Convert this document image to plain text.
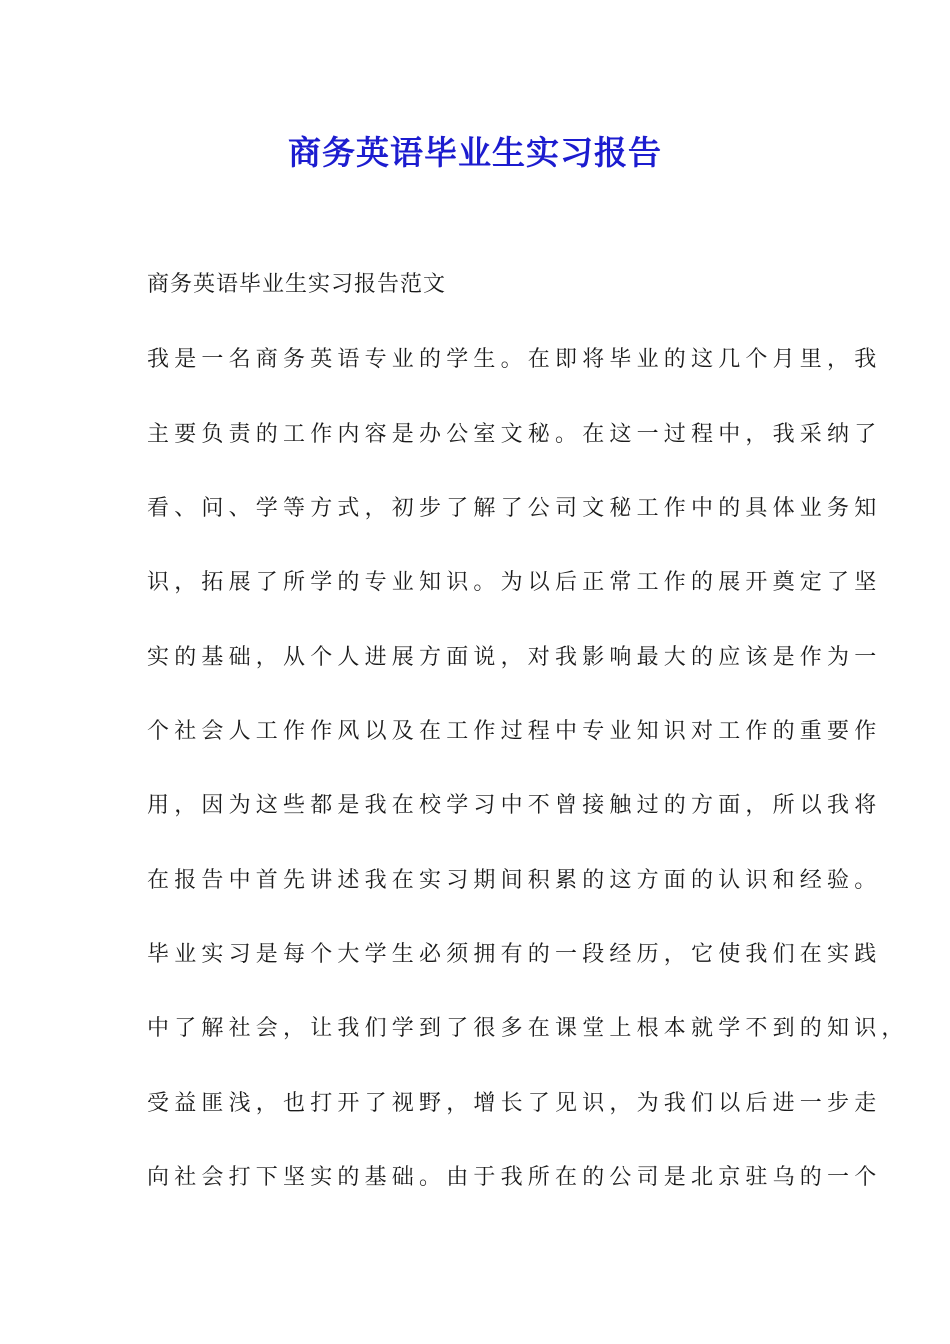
商务英语毕业生实习报告
商务英语毕业生实习报告范文
我是一名商务英语专业的学生。在即将毕业的这几个月里，我
主要负责的工作内容是办公室文秘。在这一过程中，我采纳了
看、问、学等方式，初步了解了公司文秘工作中的具体业务知
识，拓展了所学的专业知识。为以后正常工作的展开奠定了坚
实的基础，从个人进展方面说，对我影响最大的应该是作为一
个社会人工作作风以及在工作过程中专业知识对工作的重要作
用，因为这些都是我在校学习中不曾接触过的方面，所以我将
在报告中首先讲述我在实习期间积累的这方面的认识和经验。
毕业实习是每个大学生必须拥有的一段经历，它使我们在实践
中了解社会，让我们学到了很多在课堂上根本就学不到的知识，
受益匪浅，也打开了视野，增长了见识，为我们以后进一步走
向社会打下坚实的基础。由于我所在的公司是北京驻乌的一个
